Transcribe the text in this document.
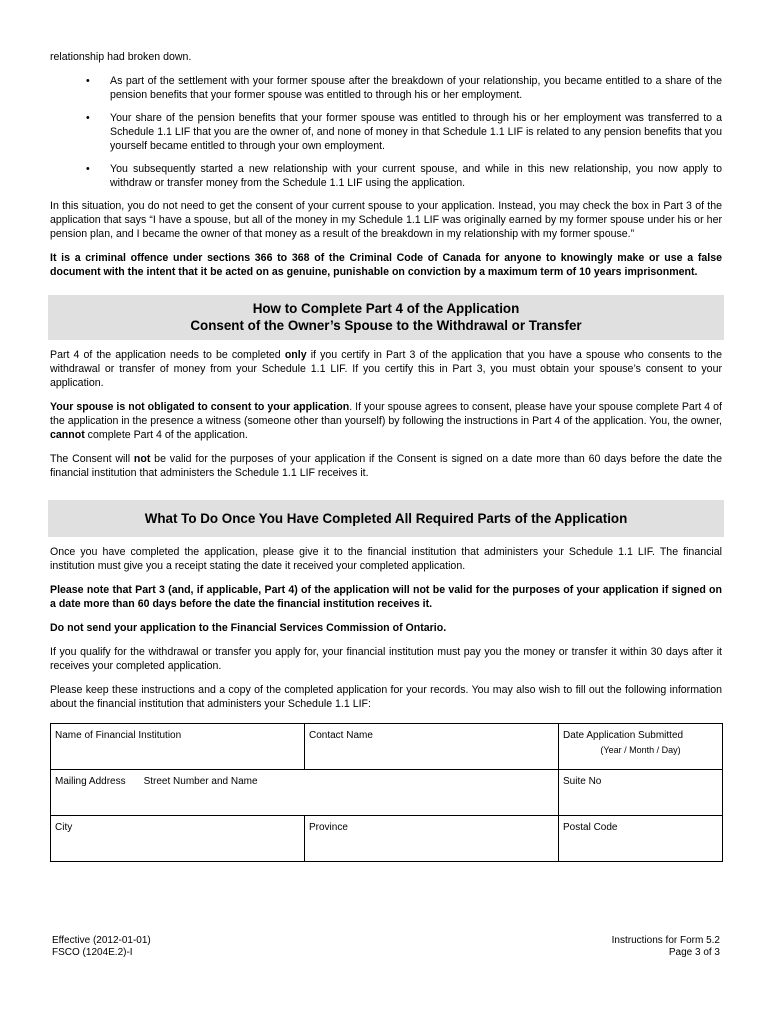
relationship had broken down.

• As part of the settlement with your former spouse after the breakdown of your relationship, you became entitled to a share of the pension benefits that your former spouse was entitled to through his or her employment.
• Your share of the pension benefits that your former spouse was entitled to through his or her employment was transferred to a Schedule 1.1 LIF that you are the owner of, and none of money in that Schedule 1.1 LIF is related to any pension benefits that you yourself became entitled to through your own employment.
• You subsequently started a new relationship with your current spouse, and while in this new relationship, you now apply to withdraw or transfer money from the Schedule 1.1 LIF using the application.

In this situation, you do not need to get the consent of your current spouse to your application. Instead, you may check the box in Part 3 of the application that says “I have a spouse, but all of the money in my Schedule 1.1 LIF was originally earned by my former spouse under his or her pension plan, and I became the owner of that money as a result of the breakdown in my relationship with my former spouse.”

It is a criminal offence under sections 366 to 368 of the Criminal Code of Canada for anyone to knowingly make or use a false document with the intent that it be acted on as genuine, punishable on conviction by a maximum term of 10 years imprisonment.

How to Complete Part 4 of the Application
Consent of the Owner’s Spouse to the Withdrawal or Transfer

Part 4 of the application needs to be completed only if you certify in Part 3 of the application that you have a spouse who consents to the withdrawal or transfer of money from your Schedule 1.1 LIF. If you certify this in Part 3, you must obtain your spouse’s consent to your application.

Your spouse is not obligated to consent to your application. If your spouse agrees to consent, please have your spouse complete Part 4 of the application in the presence a witness (someone other than yourself) by following the instructions in Part 4 of the application. You, the owner, cannot complete Part 4 of the application.

The Consent will not be valid for the purposes of your application if the Consent is signed on a date more than 60 days before the date the financial institution that administers the Schedule 1.1 LIF receives it.

What To Do Once You Have Completed All Required Parts of the Application

Once you have completed the application, please give it to the financial institution that administers your Schedule 1.1 LIF. The financial institution must give you a receipt stating the date it received your completed application.

Please note that Part 3 (and, if applicable, Part 4) of the application will not be valid for the purposes of your application if signed on a date more than 60 days before the date the financial institution receives it.

Do not send your application to the Financial Services Commission of Ontario.

If you qualify for the withdrawal or transfer you apply for, your financial institution must pay you the money or transfer it within 30 days after it receives your completed application.

Please keep these instructions and a copy of the completed application for your records. You may also wish to fill out the following information about the financial institution that administers your Schedule 1.1 LIF:

Name of Financial Institution	Contact Name	Date Application Submitted
(Year / Month / Day)

Mailing Address Street Number and Name		Suite No
City	Province	Postal Code
Effective (2012-01-01)
FSCO (1204E.2)-I
Instructions for Form 5.2
Page 3 of 3
